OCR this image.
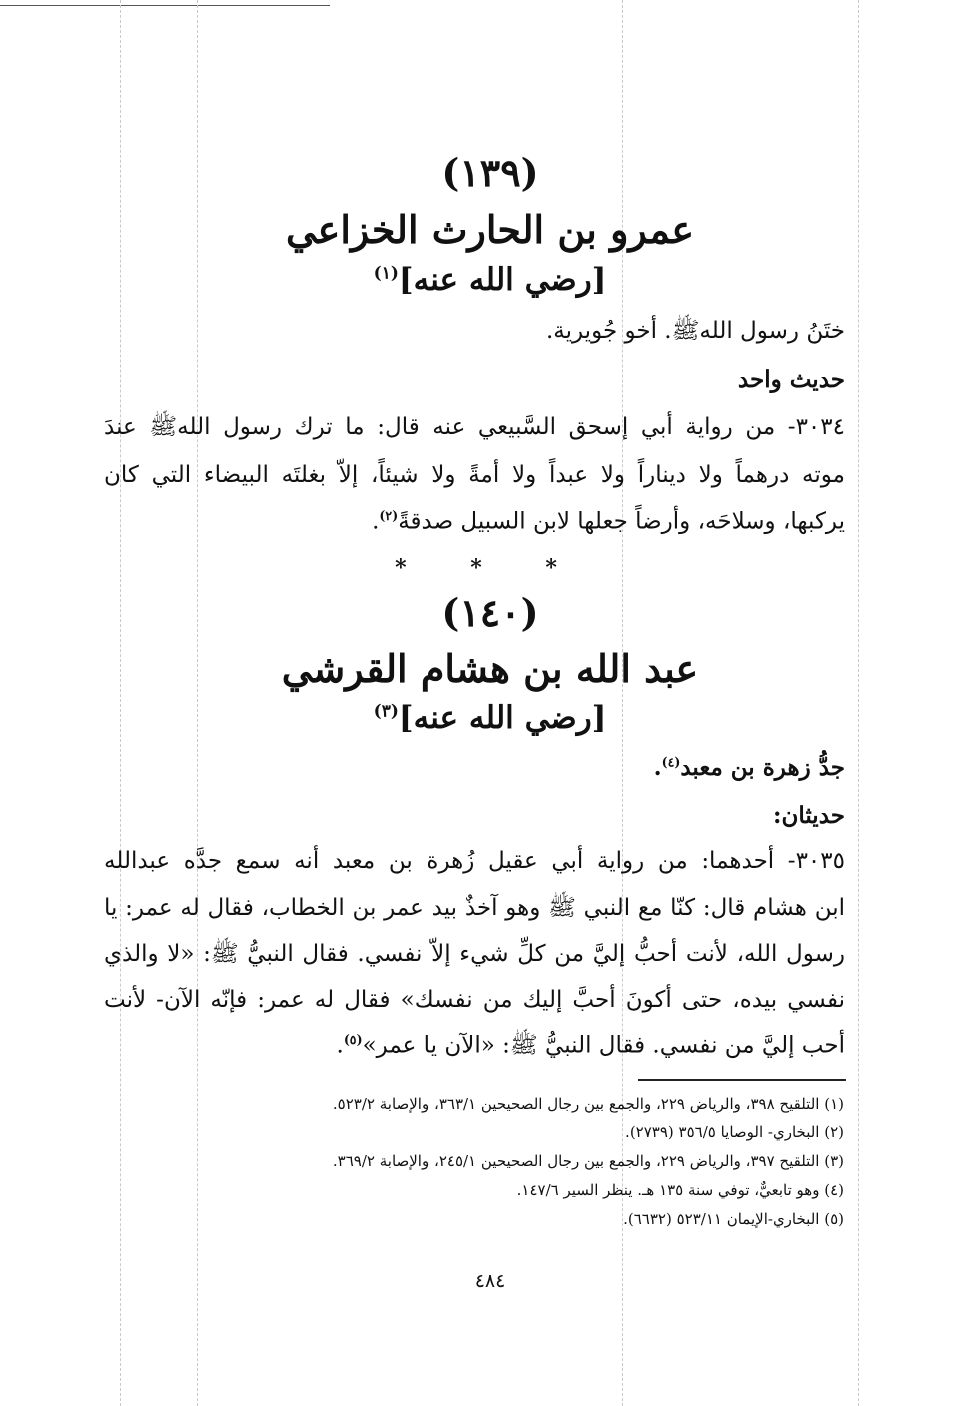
(١٣٩)
عمرو بن الحارث الخزاعي
[رضي الله عنه]$^{(١)}$
ختَنُ رسول اللهﷺ. أخو جُويرية.
حديث واحد
٣٠٣٤- من رواية أبي إسحق السَّبيعي عنه قال: ما ترك رسول اللهﷺ عندَ
موته درهماً ولا ديناراً ولا عبداً ولا أمةً ولا شيئاً، إلاّ بغلتَه البيضاء التي كان
يركبها، وسلاحَه، وأرضاً جعلها لابن السبيل صدقةً$^{(٢)}$.
* * *
(١٤٠)
عبد الله بن هشام القرشي
[رضي الله عنه]$^{(٣)}$
جدُّ زهرة بن معبد$^{(٤)}$.
حديثان:
٣٠٣٥- أحدهما: من رواية أبي عقيل زُهرة بن معبد أنه سمع جدَّه عبدالله
ابن هشام قال: كنّا مع النبي ﷺ وهو آخذٌ بيد عمر بن الخطاب، فقال له عمر: يا
رسول الله، لأنت أحبُّ إليَّ من كلِّ شيء إلاّ نفسي. فقال النبيُّ ﷺ: «لا والذي
نفسي بيده، حتى أكونَ أحبَّ إليك من نفسك» فقال له عمر: فإنّه الآن- لأنت
أحب إليَّ من نفسي. فقال النبيُّ ﷺ: «الآن يا عمر»$^{(٥)}$.
(١) التلقيح ٣٩٨، والرياض ٢٢٩، والجمع بين رجال الصحيحين ٣٦٣/١، والإصابة ٥٢٣/٢.
(٢) البخاري- الوصايا ٣٥٦/٥ (٢٧٣٩).
(٣) التلقيح ٣٩٧، والرياض ٢٢٩، والجمع بين رجال الصحيحين ٢٤٥/١، والإصابة ٣٦٩/٢.
(٤) وهو تابعيٌّ، توفي سنة ١٣٥ هـ. ينظر السير ١٤٧/٦.
(٥) البخاري-الإيمان ٥٢٣/١١ (٦٦٣٢).
٤٨٤
